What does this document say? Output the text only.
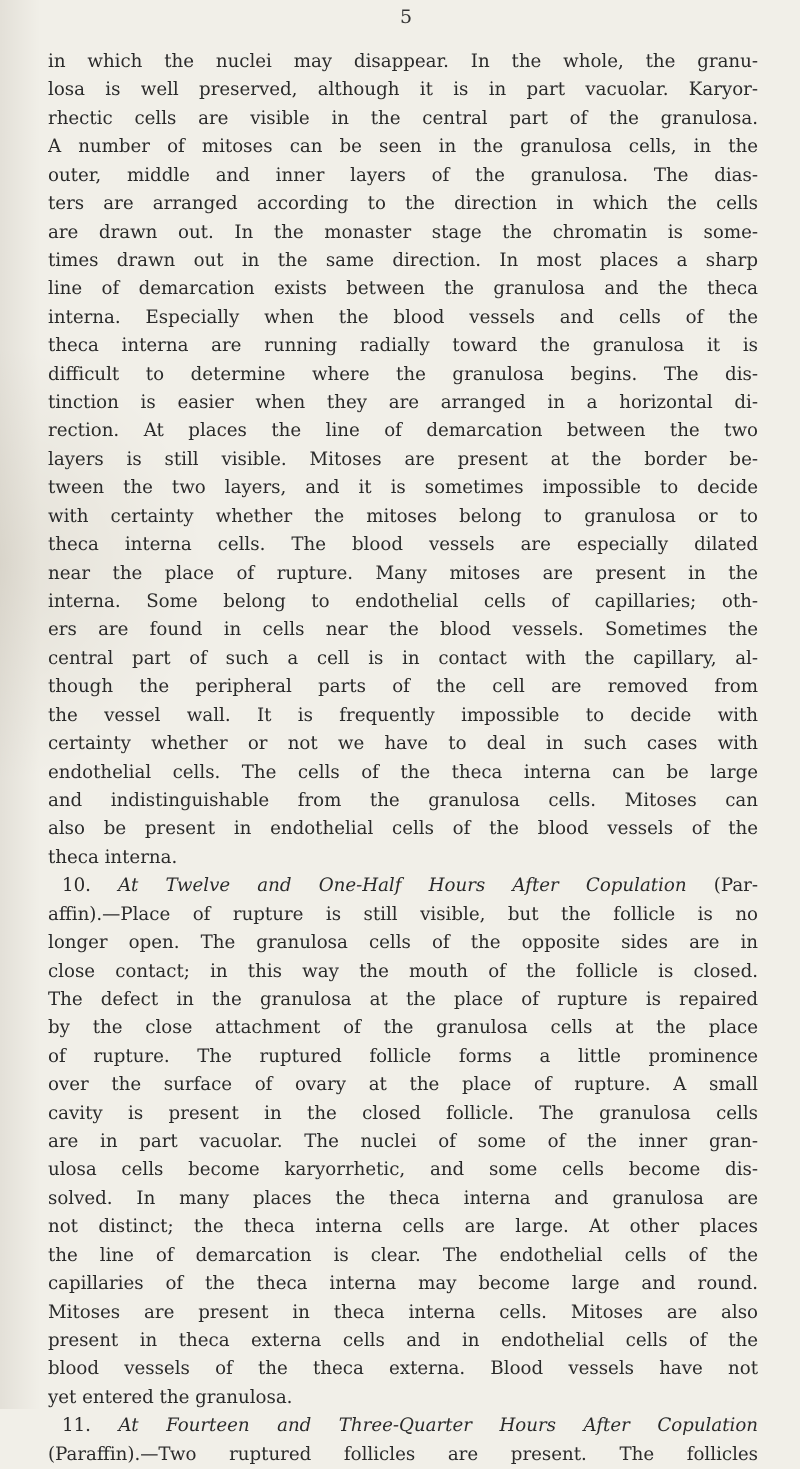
5
in which the nuclei may disappear. In the whole, the granu-
losa is well preserved, although it is in part vacuolar. Karyor-
rhectic cells are visible in the central part of the granulosa.
A number of mitoses can be seen in the granulosa cells, in the
outer, middle and inner layers of the granulosa. The dias-
ters are arranged according to the direction in which the cells
are drawn out. In the monaster stage the chromatin is some-
times drawn out in the same direction. In most places a sharp
line of demarcation exists between the granulosa and the theca
interna. Especially when the blood vessels and cells of the
theca interna are running radially toward the granulosa it is
difficult to determine where the granulosa begins. The dis-
tinction is easier when they are arranged in a horizontal di-
rection. At places the line of demarcation between the two
layers is still visible. Mitoses are present at the border be-
tween the two layers, and it is sometimes impossible to decide
with certainty whether the mitoses belong to granulosa or to
theca interna cells. The blood vessels are especially dilated
near the place of rupture. Many mitoses are present in the
interna. Some belong to endothelial cells of capillaries; oth-
ers are found in cells near the blood vessels. Sometimes the
central part of such a cell is in contact with the capillary, al-
though the peripheral parts of the cell are removed from
the vessel wall. It is frequently impossible to decide with
certainty whether or not we have to deal in such cases with
endothelial cells. The cells of the theca interna can be large
and indistinguishable from the granulosa cells. Mitoses can
also be present in endothelial cells of the blood vessels of the
theca interna.
10. At Twelve and One-Half Hours After Copulation (Par-
affin).—Place of rupture is still visible, but the follicle is no
longer open. The granulosa cells of the opposite sides are in
close contact; in this way the mouth of the follicle is closed.
The defect in the granulosa at the place of rupture is repaired
by the close attachment of the granulosa cells at the place
of rupture. The ruptured follicle forms a little prominence
over the surface of ovary at the place of rupture. A small
cavity is present in the closed follicle. The granulosa cells
are in part vacuolar. The nuclei of some of the inner gran-
ulosa cells become karyorrhetic, and some cells become dis-
solved. In many places the theca interna and granulosa are
not distinct; the theca interna cells are large. At other places
the line of demarcation is clear. The endothelial cells of the
capillaries of the theca interna may become large and round.
Mitoses are present in theca interna cells. Mitoses are also
present in theca externa cells and in endothelial cells of the
blood vessels of the theca externa. Blood vessels have not
yet entered the granulosa.
11. At Fourteen and Three-Quarter Hours After Copulation
(Paraffin).—Two ruptured follicles are present. The follicles
